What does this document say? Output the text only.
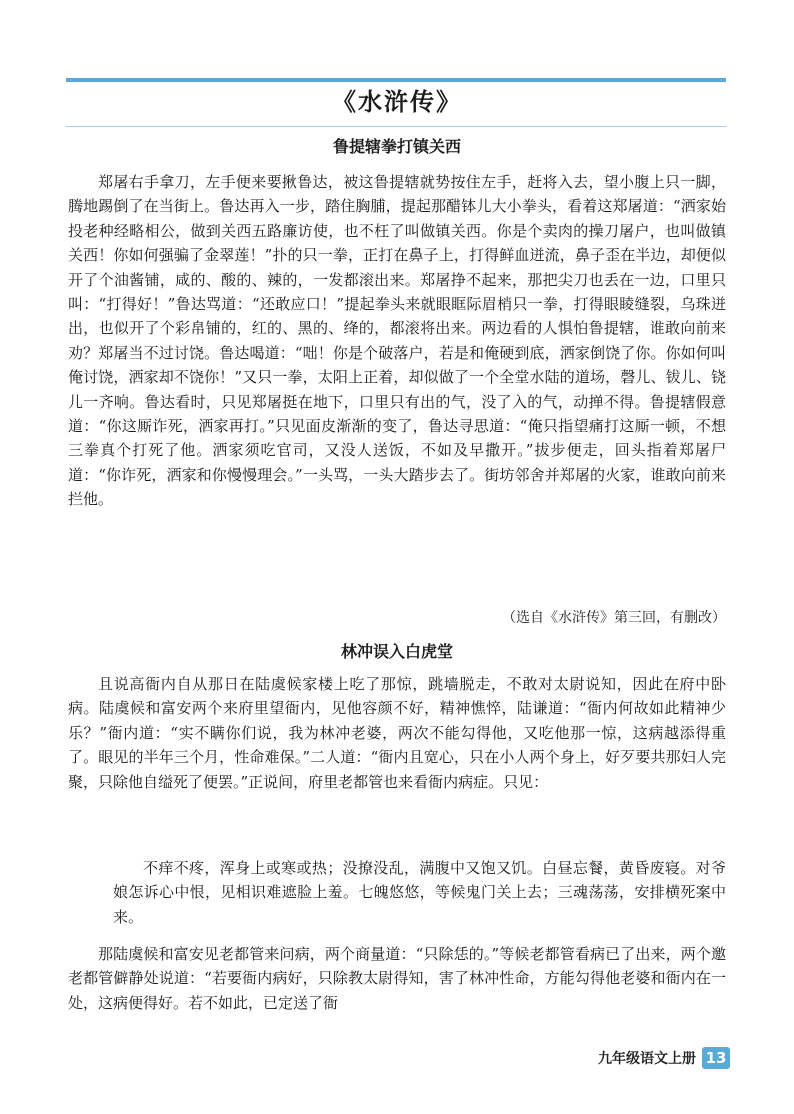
《水浒传》
鲁提辖拳打镇关西

郑屠右手拿刀，左手便来要揪鲁达，被这鲁提辖就势按住左手，赶将入去，望小腹上只一脚，腾地踢倒了在当街上。鲁达再入一步，踏住胸脯，提起那醋钵儿大小拳头，看着这郑屠道：“洒家始投老种经略相公，做到关西五路廉访使，也不枉了叫做镇关西。你是个卖肉的操刀屠户，也叫做镇关西！你如何强骗了金翠莲！”扑的只一拳，正打在鼻子上，打得鲜血迸流，鼻子歪在半边，却便似开了个油酱铺，咸的、酸的、辣的，一发都滚出来。郑屠挣不起来，那把尖刀也丢在一边，口里只叫：“打得好！”鲁达骂道：“还敢应口！”提起拳头来就眼眶际眉梢只一拳，打得眼睖缝裂，乌珠迸出，也似开了个彩帛铺的，红的、黑的、绛的，都滚将出来。两边看的人惧怕鲁提辖，谁敢向前来劝？郑屠当不过讨饶。鲁达喝道：“咄！你是个破落户，若是和俺硬到底，洒家倒饶了你。你如何叫俺讨饶，洒家却不饶你！”又只一拳，太阳上正着，却似做了一个全堂水陆的道场，磬儿、钹儿、铙儿一齐响。鲁达看时，只见郑屠挺在地下，口里只有出的气，没了入的气，动掸不得。鲁提辖假意道：“你这厮诈死，洒家再打。”只见面皮渐渐的变了，鲁达寻思道：“俺只指望痛打这厮一顿，不想三拳真个打死了他。洒家须吃官司，又没人送饭，不如及早撒开。”拔步便走，回头指着郑屠尸道：“你诈死，洒家和你慢慢理会。”一头骂，一头大踏步去了。街坊邻舍并郑屠的火家，谁敢向前来拦他。

（选自《水浒传》第三回，有删改）
林冲误入白虎堂

且说高衙内自从那日在陆虞候家楼上吃了那惊，跳墙脱走，不敢对太尉说知，因此在府中卧病。陆虞候和富安两个来府里望衙内，见他容颜不好，精神憔悴，陆谦道：“衙内何故如此精神少乐？”衙内道：“实不瞒你们说，我为林冲老婆，两次不能勾得他，又吃他那一惊，这病越添得重了。眼见的半年三个月，性命难保。”二人道：“衙内且宽心，只在小人两个身上，好歹要共那妇人完聚，只除他自缢死了便罢。”正说间，府里老都管也来看衙内病症。只见：

不痒不疼，浑身上或寒或热；没撩没乱，满腹中又饱又饥。白昼忘餐，黄昏废寝。对爷娘怎诉心中恨，见相识难遮脸上羞。七魄悠悠，等候鬼门关上去；三魂荡荡，安排横死案中来。

那陆虞候和富安见老都管来问病，两个商量道：“只除恁的。”等候老都管看病已了出来，两个邀老都管僻静处说道：“若要衙内病好，只除教太尉得知，害了林冲性命，方能勾得他老婆和衙内在一处，这病便得好。若不如此，已定送了衙

九年级语文上册 13
